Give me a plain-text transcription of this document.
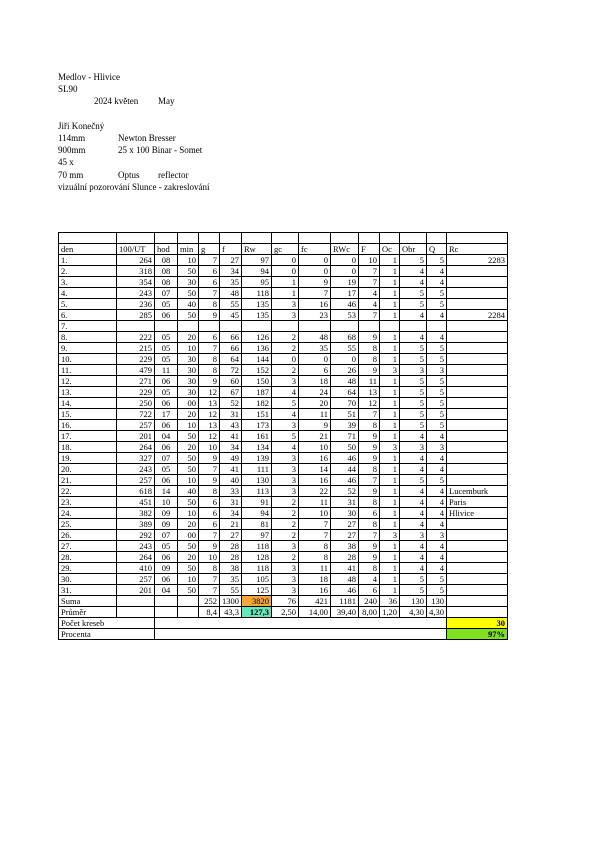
Medlov - Hlivice
SL90
2024 květen May
Jiří Konečný
114mm	Newton Bresser
900mm	25 x 100 Binar - Somet
45 x
70 mm	Optus reflector
vizuální pozorování Slunce - zakreslování

den	100/UT	hod	min	g	f	Rw	gc	fc	RWc	F	Oc	Obr	Q	Rc
1.	264	08	10	7	27	97	0	0	0	10	1	5	5	2283
2.	318	08	50	6	34	94	0	0	0	7	1	4	4	
3.	354	08	30	6	35	95	1	9	19	7	1	4	4	
4.	243	07	50	7	48	118	1	7	17	4	1	5	5	
5.	236	05	40	8	55	135	3	16	46	4	1	5	5	
6.	285	06	50	9	45	135	3	23	53	7	1	4	4	2284
7.														
8.	222	05	20	6	66	126	2	48	68	9	1	4	4	
9.	215	05	10	7	66	136	2	35	55	8	1	5	5	
10.	229	05	30	8	64	144	0	0	0	8	1	5	5	
11.	479	11	30	8	72	152	2	6	26	9	3	3	3	
12.	271	06	30	9	60	150	3	18	48	11	1	5	5	
13.	229	05	30	12	67	187	4	24	64	13	1	5	5	
14.	250	06	00	13	52	182	5	20	70	12	1	5	5	
15.	722	17	20	12	31	151	4	11	51	7	1	5	5	
16.	257	06	10	13	43	173	3	9	39	8	1	5	5	
17.	201	04	50	12	41	161	5	21	71	9	1	4	4	
18.	264	06	20	10	34	134	4	10	50	9	3	3	3	
19.	327	07	50	9	49	139	3	16	46	9	1	4	4	
20.	243	05	50	7	41	111	3	14	44	8	1	4	4	
21.	257	06	10	9	40	130	3	16	46	7	1	5	5	
22.	618	14	40	8	33	113	3	22	52	9	1	4	4	Lucemburk
23.	451	10	50	6	31	91	2	11	31	8	1	4	4	Paris
24.	382	09	10	6	34	94	2	10	30	6	1	4	4	Hlivice
25.	389	09	20	6	21	81	2	7	27	8	1	4	4	
26.	292	07	00	7	27	97	2	7	27	7	3	3	3	
27.	243	05	50	9	28	118	3	8	38	9	1	4	4	
28.	264	06	20	10	28	128	2	8	28	9	1	4	4	
29.	410	09	50	8	38	118	3	11	41	8	1	4	4	
30.	257	06	10	7	35	105	3	18	48	4	1	5	5	
31.	201	04	50	7	55	125	3	16	46	6	1	5	5	
Suma				252	1300	3820	76	421	1181	240	36	130	130	
Průměr				8,4	43,3	127,3	2,50	14,00	39,40	8,00	1,20	4,30	4,30	
Počet kreseb														30
Procenta														97%
